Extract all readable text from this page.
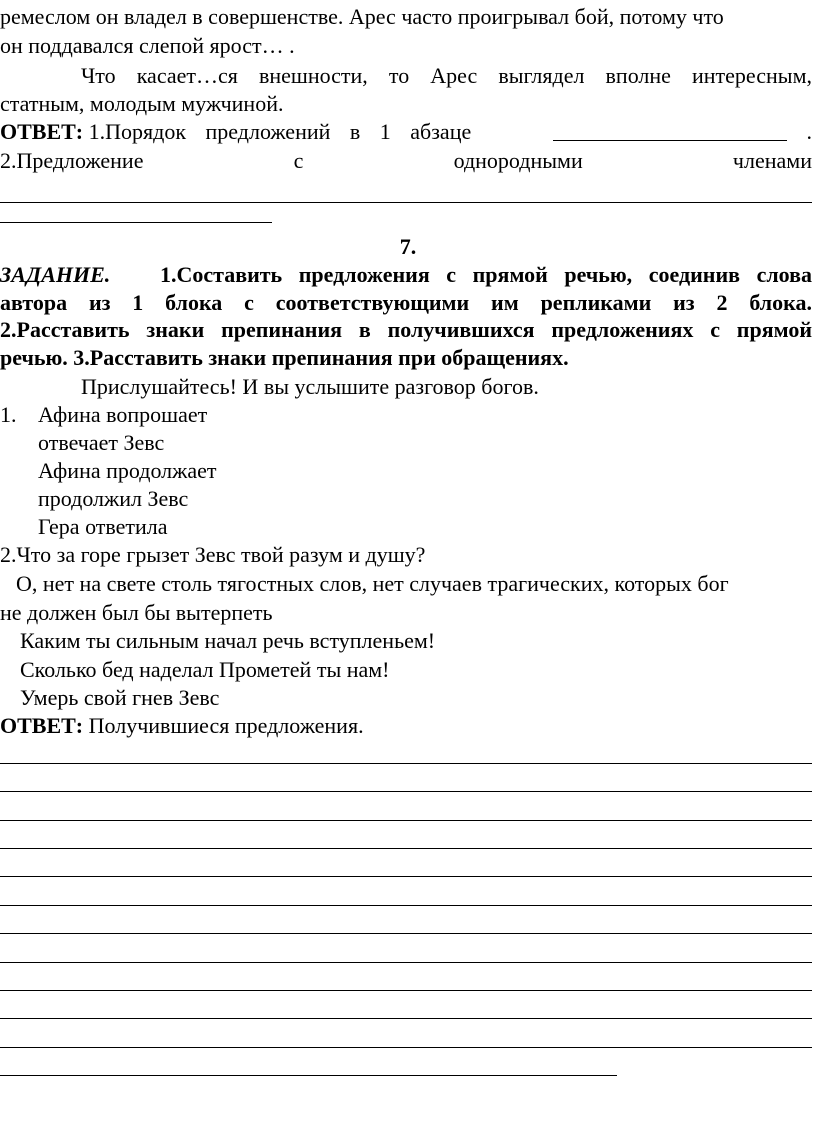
ремеслом он владел в совершенстве. Арес часто проигрывал бой, потому что
он поддавался слепой ярост… .
Что касает…ся внешности, то Арес выглядел вполне интересным,
статным, молодым мужчиной.
ОТВЕТ: 1.Порядок предложений в 1 абзаце	.
2.Предложение	с	однородными	членами
7.
ЗАДАНИЕ. 1.Составить предложения с прямой речью, соединив слова
автора из 1 блока с соответствующими им репликами из 2 блока.
2.Расставить знаки препинания в получившихся предложениях с прямой
речью. 3.Расставить знаки препинания при обращениях.
Прислушайтесь! И вы услышите разговор богов.
1. Афина вопрошает
отвечает Зевс
Афина продолжает
продолжил Зевс
Гера ответила
2.Что за горе грызет Зевс твой разум и душу?
О, нет на свете столь тягостных слов, нет случаев трагических, которых бог
не должен был бы вытерпеть
Каким ты сильным начал речь вступленьем!
Сколько бед наделал Прометей ты нам!
Умерь свой гнев Зевс
ОТВЕТ: Получившиеся предложения.
